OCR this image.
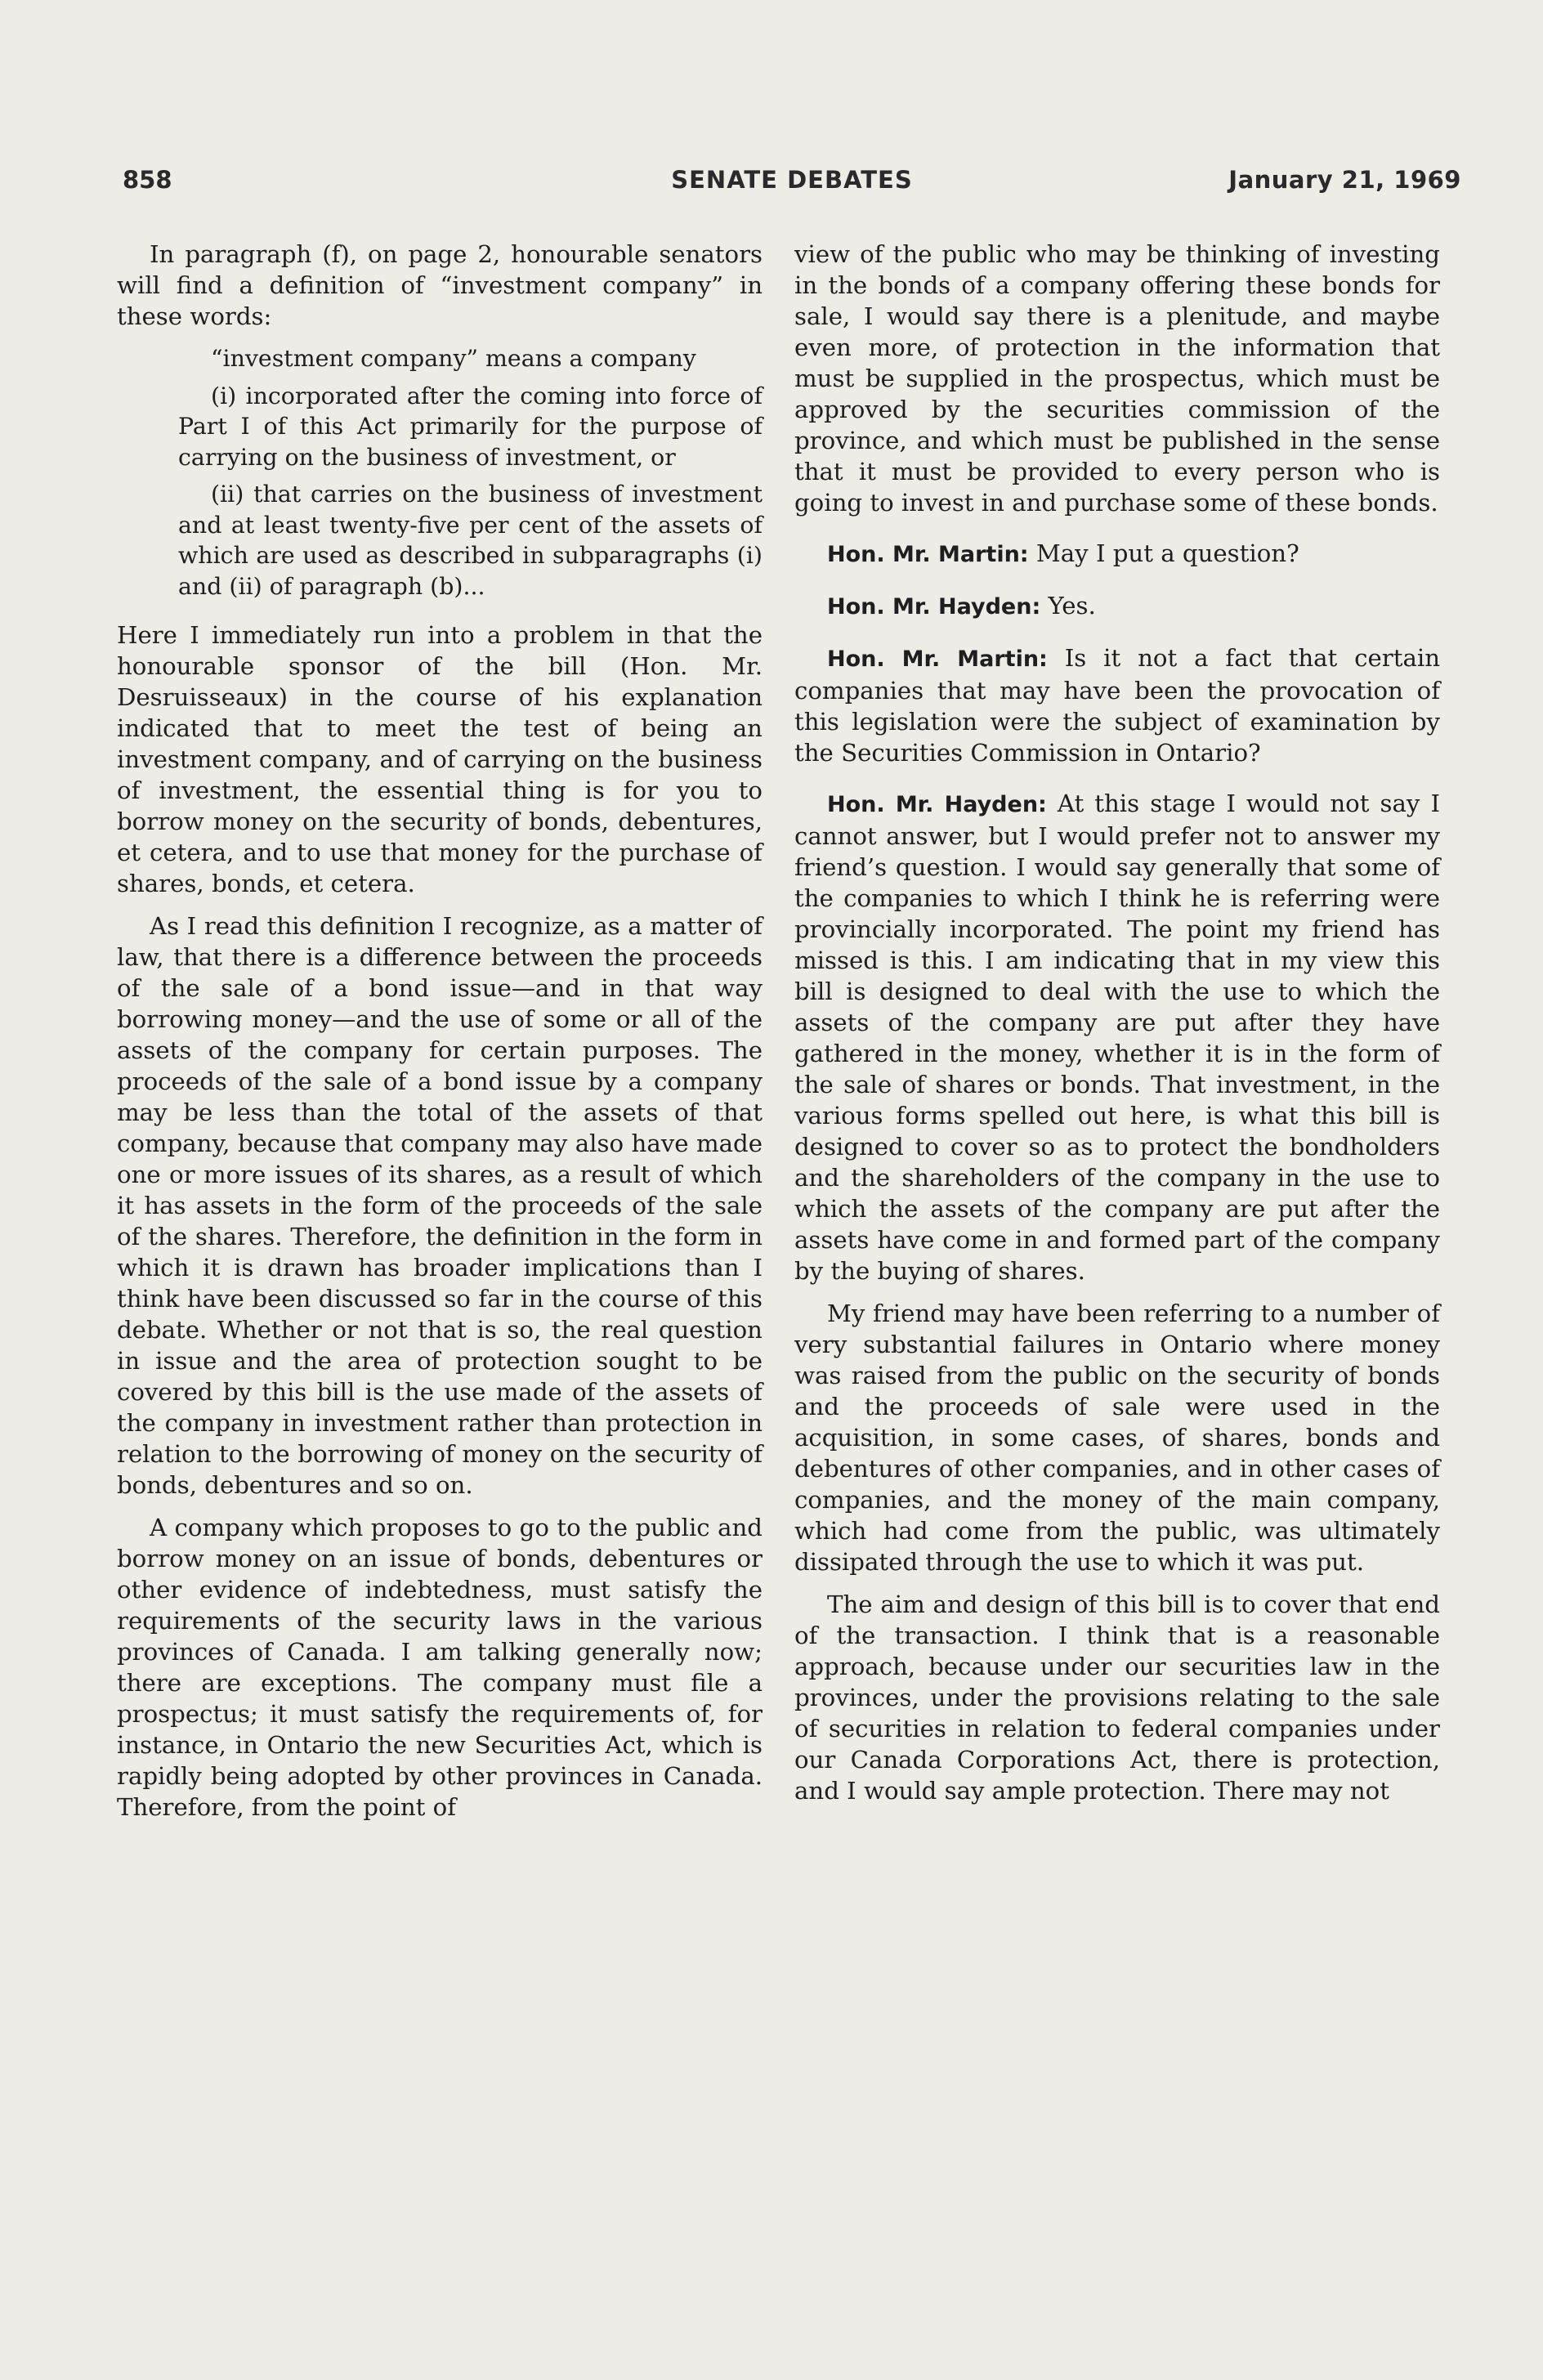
858	SENATE DEBATES	January 21, 1969

In paragraph (f), on page 2, honourable senators will find a definition of “investment company” in these words:

“investment company” means a company

(i) incorporated after the coming into force of Part I of this Act primarily for the purpose of carrying on the business of investment, or

(ii) that carries on the business of investment and at least twenty-five per cent of the assets of which are used as described in subparagraphs (i) and (ii) of paragraph (b)...

Here I immediately run into a problem in that the honourable sponsor of the bill (Hon. Mr. Desruisseaux) in the course of his explanation indicated that to meet the test of being an investment company, and of carrying on the business of investment, the essential thing is for you to borrow money on the security of bonds, debentures, et cetera, and to use that money for the purchase of shares, bonds, et cetera.

As I read this definition I recognize, as a matter of law, that there is a difference between the proceeds of the sale of a bond issue—and in that way borrowing money—and the use of some or all of the assets of the company for certain purposes. The proceeds of the sale of a bond issue by a company may be less than the total of the assets of that company, because that company may also have made one or more issues of its shares, as a result of which it has assets in the form of the proceeds of the sale of the shares. Therefore, the definition in the form in which it is drawn has broader implications than I think have been discussed so far in the course of this debate. Whether or not that is so, the real question in issue and the area of protection sought to be covered by this bill is the use made of the assets of the company in investment rather than protection in relation to the borrowing of money on the security of bonds, debentures and so on.

A company which proposes to go to the public and borrow money on an issue of bonds, debentures or other evidence of indebtedness, must satisfy the requirements of the security laws in the various provinces of Canada. I am talking generally now; there are exceptions. The company must file a prospectus; it must satisfy the requirements of, for instance, in Ontario the new Securities Act, which is rapidly being adopted by other provinces in Canada. Therefore, from the point of

view of the public who may be thinking of investing in the bonds of a company offering these bonds for sale, I would say there is a plenitude, and maybe even more, of protection in the information that must be supplied in the prospectus, which must be approved by the securities commission of the province, and which must be published in the sense that it must be provided to every person who is going to invest in and purchase some of these bonds.

Hon. Mr. Martin: May I put a question?

Hon. Mr. Hayden: Yes.

Hon. Mr. Martin: Is it not a fact that certain companies that may have been the provocation of this legislation were the subject of examination by the Securities Commission in Ontario?

Hon. Mr. Hayden: At this stage I would not say I cannot answer, but I would prefer not to answer my friend’s question. I would say generally that some of the companies to which I think he is referring were provincially incorporated. The point my friend has missed is this. I am indicating that in my view this bill is designed to deal with the use to which the assets of the company are put after they have gathered in the money, whether it is in the form of the sale of shares or bonds. That investment, in the various forms spelled out here, is what this bill is designed to cover so as to protect the bondholders and the shareholders of the company in the use to which the assets of the company are put after the assets have come in and formed part of the company by the buying of shares.

My friend may have been referring to a number of very substantial failures in Ontario where money was raised from the public on the security of bonds and the proceeds of sale were used in the acquisition, in some cases, of shares, bonds and debentures of other companies, and in other cases of companies, and the money of the main company, which had come from the public, was ultimately dissipated through the use to which it was put.

The aim and design of this bill is to cover that end of the transaction. I think that is a reasonable approach, because under our securities law in the provinces, under the provisions relating to the sale of securities in relation to federal companies under our Canada Corporations Act, there is protection, and I would say ample protection. There may not
